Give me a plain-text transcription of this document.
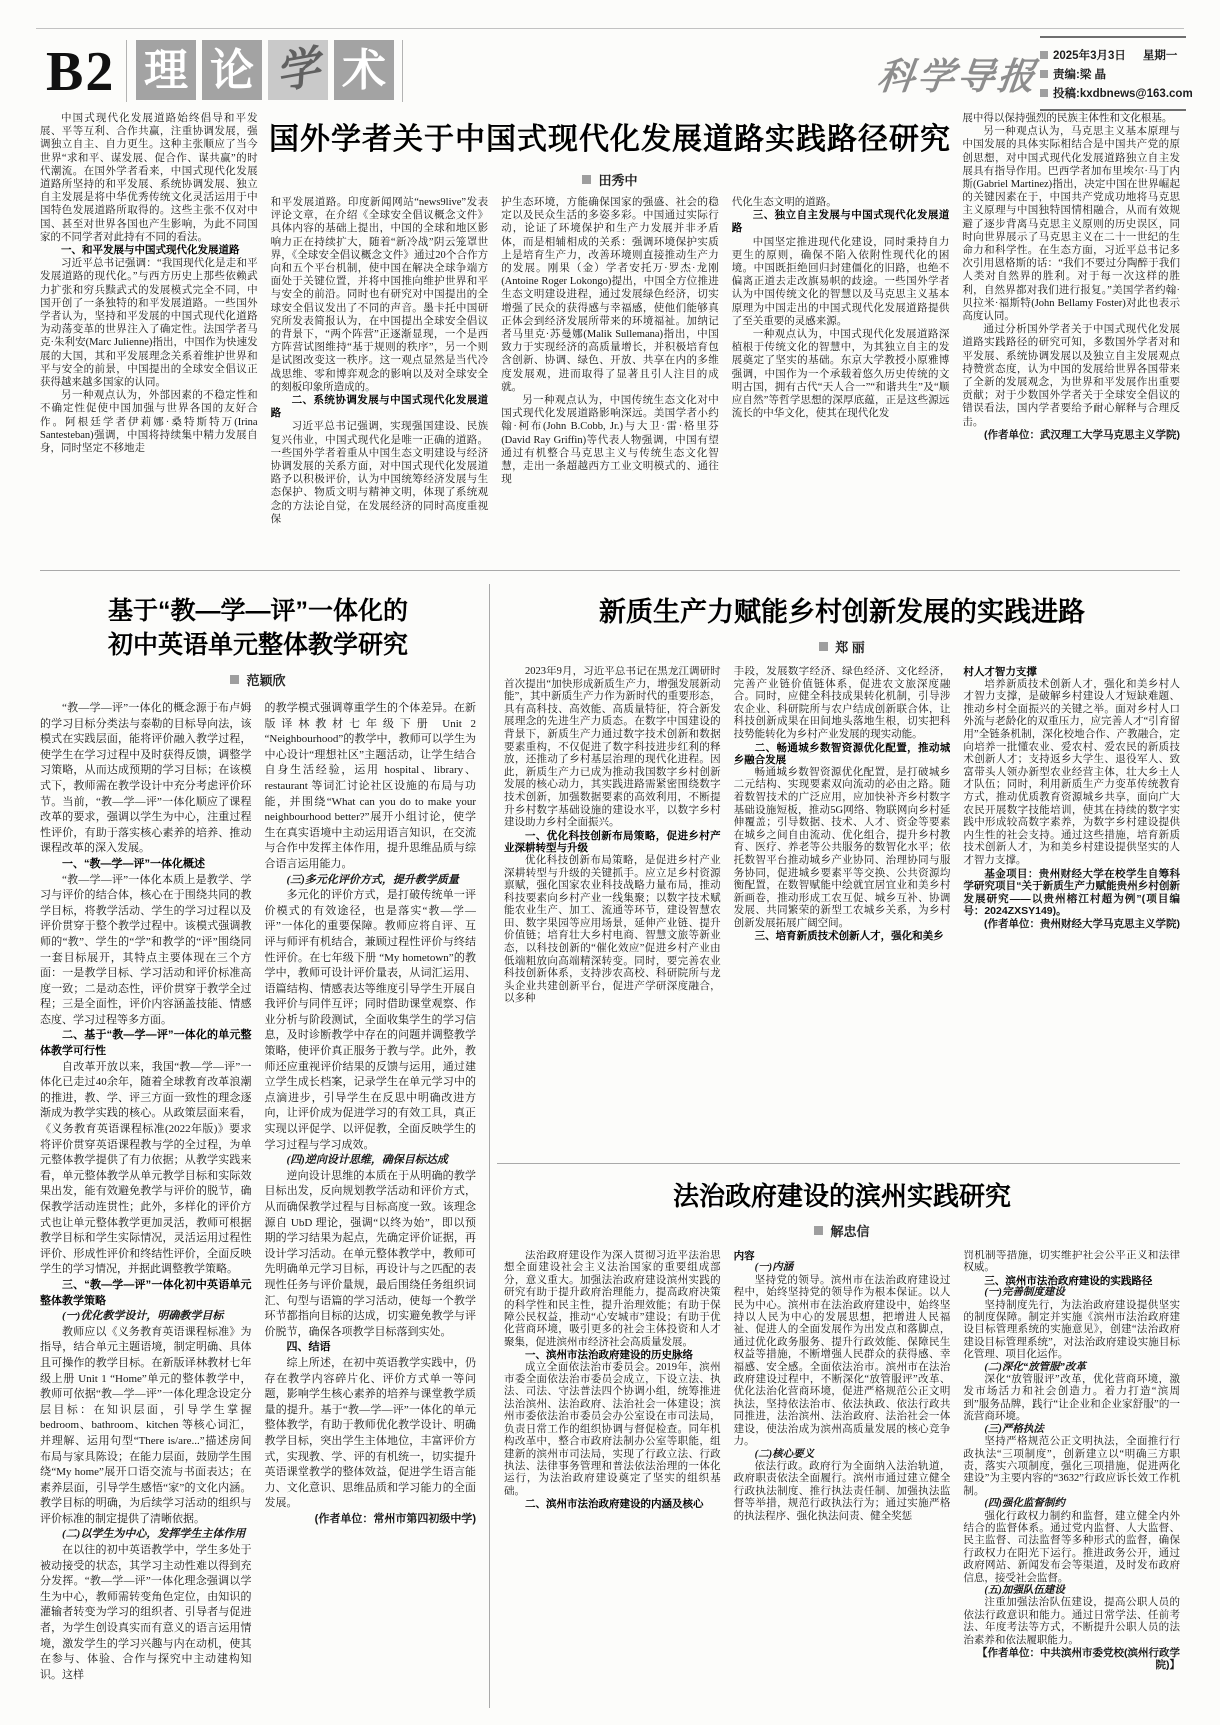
B2 理 论 学 术	科学导报	2025年3月3日 星期一
责编:梁 晶
投稿:kxdbnews@163.com
国外学者关于中国式现代化发展道路实践路径研究
田秀中

中国式现代化发展道路始终倡导和平发展、平等互利、合作共赢，注重协调发展，强调独立自主、自力更生。这种主张顺应了当今世界“求和平、谋发展、促合作、谋共赢”的时代潮流。在国外学者看来，中国式现代化发展道路所坚持的和平发展、系统协调发展、独立自主发展是将中华优秀传统文化灵活运用于中国特色发展道路所取得的。这些主张不仅对中国、甚至对世界各国也产生影响，为此不同国家的不同学者对此持有不同的看法。

一、和平发展与中国式现代化发展道路

习近平总书记强调：“我国现代化是走和平发展道路的现代化。”与西方历史上那些依赖武力扩张和穷兵黩武式的发展模式完全不同，中国开创了一条独特的和平发展道路。一些国外学者认为，坚持和平发展的中国式现代化道路为动荡变革的世界注入了确定性。法国学者马克·朱利安(Marc Julienne)指出，中国作为快速发展的大国，其和平发展理念关系着维护世界和平与安全的前景，中国提出的全球安全倡议正获得越来越多国家的认同。

另一种观点认为，外部因素的不稳定性和不确定性促使中国加强与世界各国的友好合作。阿根廷学者伊莉娜·桑特斯特万(Irina Santesteban)强调，中国将持续集中精力发展自身，同时坚定不移地走

和平发展道路。印度新闻网站“news9live”发表评论文章，在介绍《全球安全倡议概念文件》具体内容的基础上提出，中国的全球和地区影响力正在持续扩大，随着“新冷战”阴云笼罩世界，《全球安全倡议概念文件》通过20个合作方向和五个平台机制，使中国在解决全球争端方面处于关键位置，并将中国推向维护世界和平与安全的前沿。同时也有研究对中国提出的全球安全倡议发出了不同的声音。墨卡托中国研究所发表简报认为，在中国提出全球安全倡议的背景下，“两个阵营”正逐渐显现，一个是西方阵营试图维持“基于规则的秩序”，另一个则是试图改变这一秩序。这一观点显然是当代冷战思维、零和博弈观念的影响以及对全球安全的刻板印象所造成的。

二、系统协调发展与中国式现代化发展道路

习近平总书记强调，实现强国建设、民族复兴伟业，中国式现代化是唯一正确的道路。一些国外学者着重从中国生态文明建设与经济协调发展的关系方面，对中国式现代化发展道路予以积极评价，认为中国统筹经济发展与生态保护、物质文明与精神文明，体现了系统观念的方法论自觉，在发展经济的同时高度重视保

护生态环境，方能确保国家的强盛、社会的稳定以及民众生活的多姿多彩。中国通过实际行动，论证了环境保护和生产力发展并非矛盾体，而是相辅相成的关系：强调环境保护实质上是培育生产力，改善环境则直接推动生产力的发展。刚果（金）学者安托万·罗杰·龙刚(Antoine Roger Lokongo)提出，中国全方位推进生态文明建设进程，通过发展绿色经济，切实增强了民众的获得感与幸福感，使他们能够真正体会到经济发展所带来的环境福祉。加纳记者马里克·苏曼娜(Malik Sullemana)指出，中国致力于实现经济的高质量增长，并积极培育包含创新、协调、绿色、开放、共享在内的多维度发展观，进而取得了显著且引人注目的成就。

另一种观点认为，中国传统生态文化对中国式现代化发展道路影响深远。美国学者小约翰·柯布(John B.Cobb, Jr.)与大卫·雷·格里芬(David Ray Griffin)等代表人物强调，中国有望通过有机整合马克思主义与传统生态文化智慧，走出一条超越西方工业文明模式的、通往现

代化生态文明的道路。

三、独立自主发展与中国式现代化发展道路

中国坚定推进现代化建设，同时秉持自力更生的原则，确保不陷入依附性现代化的困境。中国既拒绝回归封建僵化的旧路，也绝不偏离正道去走改旗易帜的歧途。一些国外学者认为中国传统文化的智慧以及马克思主义基本原理为中国走出的中国式现代化发展道路提供了至关重要的灵感来源。

一种观点认为，中国式现代化发展道路深植根于传统文化的智慧中，为其独立自主的发展奠定了坚实的基础。东京大学教授小原雅博强调，中国作为一个承载着悠久历史传统的文明古国，拥有古代“天人合一”“和谐共生”及“顺应自然”等哲学思想的深厚底蕴，正是这些源远流长的中华文化，使其在现代化发

展中得以保持强烈的民族主体性和文化根基。

另一种观点认为，马克思主义基本原理与中国发展的具体实际相结合是中国共产党的原创思想，对中国式现代化发展道路独立自主发展具有指导作用。巴西学者加布里埃尔·马丁内斯(Gabriel Martinez)指出，决定中国在世界崛起的关键因素在于，中国共产党成功地将马克思主义原理与中国独特国情相融合，从而有效规避了逐步背离马克思主义原则的历史误区，同时向世界展示了马克思主义在二十一世纪的生命力和科学性。在生态方面，习近平总书记多次引用恩格斯的话：“我们不要过分陶醉于我们人类对自然界的胜利。对于每一次这样的胜利，自然界都对我们进行报复。”美国学者约翰·贝拉米·福斯特(John Bellamy Foster)对此也表示高度认同。

通过分析国外学者关于中国式现代化发展道路实践路径的研究可知，多数国外学者对和平发展、系统协调发展以及独立自主发展观点持赞赏态度，认为中国的发展给世界各国带来了全新的发展观念，为世界和平发展作出重要贡献；对于少数国外学者关于全球安全倡议的错误看法，国内学者要给予耐心解释与合理反击。

(作者单位：武汉理工大学马克思主义学院)

基于“教—学—评”一体化的
初中英语单元整体教学研究
范颖欣

“教—学—评”一体化的概念源于布卢姆的学习目标分类法与泰勒的目标导向法，该模式在实践层面，能将评价融入教学过程，使学生在学习过程中及时获得反馈，调整学习策略，从而达成预期的学习目标；在该模式下，教师需在教学设计中充分考虑评价环节。当前，“教—学—评”一体化顺应了课程改革的要求，强调以学生为中心，注重过程性评价，有助于落实核心素养的培养、推动课程改革的深入发展。

一、“教—学—评”一体化概述

“教—学—评”一体化本质上是教学、学习与评价的结合体，核心在于围绕共同的教学目标，将教学活动、学生的学习过程以及评价贯穿于整个教学过程中。该模式强调教师的“教”、学生的“学”和教学的“评”围绕同一套目标展开，其特点主要体现在三个方面：一是教学目标、学习活动和评价标准高度一致；二是动态性，评价贯穿于教学全过程；三是全面性，评价内容涵盖技能、情感态度、学习过程等多方面。

二、基于“教—学—评”一体化的单元整体教学可行性

自改革开放以来，我国“教—学—评”一体化已走过40余年，随着全球教育改革浪潮的推进，教、学、评三方面一致性的理念逐渐成为教学实践的核心。从政策层面来看，《义务教育英语课程标准(2022年版)》要求将评价贯穿英语课程教与学的全过程，为单元整体教学提供了有力依据；从教学实践来看，单元整体教学从单元教学目标和实际效果出发，能有效避免教学与评价的脱节，确保教学活动连贯性；此外，多样化的评价方式也让单元整体教学更加灵活，教师可根据教学目标和学生实际情况，灵活运用过程性评价、形成性评价和终结性评价，全面反映学生的学习情况，并据此调整教学策略。

三、“教—学—评”一体化初中英语单元整体教学策略

(一)优化教学设计，明确教学目标

教师应以《义务教育英语课程标准》为指导，结合单元主题语境，制定明确、具体且可操作的教学目标。在新版译林教材七年级上册 Unit 1 “Home”单元的整体教学中，教师可依据“教—学—评”一体化理念设定分层目标：在知识层面，引导学生掌握 bedroom、bathroom、kitchen 等核心词汇，并理解、运用句型“There is/are...”描述房间布局与家具陈设；在能力层面，鼓励学生围绕“My home”展开口语交流与书面表达；在素养层面，引导学生感悟“家”的文化内涵。教学目标的明确，为后续学习活动的组织与评价标准的制定提供了清晰依据。

(二)以学生为中心，发挥学生主体作用

在以往的初中英语教学中，学生多处于被动接受的状态，其学习主动性难以得到充分发挥。“教—学—评”一体化理念强调以学生为中心，教师需转变角色定位，由知识的灌输者转变为学习的组织者、引导者与促进者，为学生创设真实而有意义的语言运用情境，激发学生的学习兴趣与内在动机，使其在参与、体验、合作与探究中主动建构知识。这样

的教学模式强调尊重学生的个体差异。在新版译林教材七年级下册 Unit 2 “Neighbourhood”的教学中，教师可以学生为中心设计“理想社区”主题活动，让学生结合自身生活经验，运用 hospital、library、restaurant 等词汇讨论社区设施的布局与功能，并围绕“What can you do to make your neighbourhood better?”展开小组讨论，使学生在真实语境中主动运用语言知识，在交流与合作中发挥主体作用，提升思维品质与综合语言运用能力。

(三)多元化评价方式，提升教学质量

多元化的评价方式，是打破传统单一评价模式的有效途径，也是落实“教—学—评”一体化的重要保障。教师应将自评、互评与师评有机结合，兼顾过程性评价与终结性评价。在七年级下册 “My hometown”的教学中，教师可设计评价量表，从词汇运用、语篇结构、情感表达等维度引导学生开展自我评价与同伴互评；同时借助课堂观察、作业分析与阶段测试，全面收集学生的学习信息，及时诊断教学中存在的问题并调整教学策略，使评价真正服务于教与学。此外，教师还应重视评价结果的反馈与运用，通过建立学生成长档案，记录学生在单元学习中的点滴进步，引导学生在反思中明确改进方向，让评价成为促进学习的有效工具，真正实现以评促学、以评促教，全面反映学生的学习过程与学习成效。

(四)逆向设计思维，确保目标达成

逆向设计思维的本质在于从明确的教学目标出发，反向规划教学活动和评价方式，从而确保教学过程与目标高度一致。该理念源自 UbD 理论，强调“以终为始”，即以预期的学习结果为起点，先确定评价证据，再设计学习活动。在单元整体教学中，教师可先明确单元学习目标，再设计与之匹配的表现性任务与评价量规，最后围绕任务组织词汇、句型与语篇的学习活动，使每一个教学环节都指向目标的达成，切实避免教学与评价脱节，确保各项教学目标落到实处。

四、结语

综上所述，在初中英语教学实践中，仍存在教学内容碎片化、评价方式单一等问题，影响学生核心素养的培养与课堂教学质量的提升。基于“教—学—评”一体化的单元整体教学，有助于教师优化教学设计、明确教学目标，突出学生主体地位，丰富评价方式，实现教、学、评的有机统一，切实提升英语课堂教学的整体效益，促进学生语言能力、文化意识、思维品质和学习能力的全面发展。

(作者单位：常州市第四初级中学)

新质生产力赋能乡村创新发展的实践进路
郑 丽

2023年9月，习近平总书记在黑龙江调研时首次提出“加快形成新质生产力，增强发展新动能”，其中新质生产力作为新时代的重要形态，具有高科技、高效能、高质量特征，符合新发展理念的先进生产力质态。在数字中国建设的背景下，新质生产力通过数字技术创新和数据要素重构，不仅促进了数字科技进步红利的释放，还推动了乡村基层治理的现代化进程。因此，新质生产力已成为推动我国数字乡村创新发展的核心动力，其实践进路需紧密围绕数字技术创新，加强数据要素的高效利用，不断提升乡村数字基础设施的建设水平，以数字乡村建设助力乡村全面振兴。

一、优化科技创新布局策略，促进乡村产业深耕转型与升级

优化科技创新布局策略，是促进乡村产业深耕转型与升级的关键抓手。应立足乡村资源禀赋，强化国家农业科技战略力量布局，推动科技要素向乡村产业一线集聚；以数字技术赋能农业生产、加工、流通等环节，建设智慧农田、数字果园等应用场景，延伸产业链、提升价值链；培育壮大乡村电商、智慧文旅等新业态，以科技创新的“催化效应”促进乡村产业由低端粗放向高端精深转变。同时，要完善农业科技创新体系，支持涉农高校、科研院所与龙头企业共建创新平台，促进产学研深度融合，以多种

手段，发展数字经济、绿色经济、文化经济，完善产业链价值链体系，促进农文旅深度融合。同时，应健全科技成果转化机制，引导涉农企业、科研院所与农户结成创新联合体，让科技创新成果在田间地头落地生根，切实把科技势能转化为乡村产业发展的现实动能。

二、畅通城乡数智资源优化配置，推动城乡融合发展

畅通城乡数智资源优化配置，是打破城乡二元结构、实现要素双向流动的必由之路。随着数智技术的广泛应用，应加快补齐乡村数字基础设施短板，推动5G网络、物联网向乡村延伸覆盖；引导数据、技术、人才、资金等要素在城乡之间自由流动、优化组合，提升乡村教育、医疗、养老等公共服务的数智化水平；依托数智平台推动城乡产业协同、治理协同与服务协同，促进城乡要素平等交换、公共资源均衡配置，在数智赋能中绘就宜居宜业和美乡村新画卷，推动形成工农互促、城乡互补、协调发展、共同繁荣的新型工农城乡关系，为乡村创新发展拓展广阔空间。

三、培育新质技术创新人才，强化和美乡

村人才智力支撑

培养新质技术创新人才，强化和美乡村人才智力支撑，是破解乡村建设人才短缺难题、推动乡村全面振兴的关键之举。面对乡村人口外流与老龄化的双重压力，应完善人才“引育留用”全链条机制，深化校地合作、产教融合，定向培养一批懂农业、爱农村、爱农民的新质技术创新人才；支持返乡大学生、退役军人、致富带头人领办新型农业经营主体，壮大乡土人才队伍；同时，利用新质生产力变革传统教育方式，推动优质教育资源城乡共享，面向广大农民开展数字技能培训，使其在持续的数字实践中形成较高数字素养，为数字乡村建设提供内生性的社会支持。通过这些措施，培育新质技术创新人才，为和美乡村建设提供坚实的人才智力支撑。

基金项目：贵州财经大学在校学生自筹科学研究项目“关于新质生产力赋能贵州乡村创新发展研究——以贵州榕江村超为例”(项目编号：2024ZXSY149)。

(作者单位：贵州财经大学马克思主义学院)

法治政府建设的滨州实践研究
解忠信

法治政府建设作为深入贯彻习近平法治思想全面建设社会主义法治国家的重要组成部分，意义重大。加强法治政府建设滨州实践的研究有助于提升政府治理能力，提高政府决策的科学性和民主性，提升治理效能；有助于保障公民权益，推动“心安城市”建设；有助于优化营商环境，吸引更多的社会主体投资和人才聚集，促进滨州市经济社会高质量发展。

一、滨州市法治政府建设的历史脉络

成立全面依法治市委员会。2019年，滨州市委全面依法治市委员会成立，下设立法、执法、司法、守法普法四个协调小组，统筹推进法治滨州、法治政府、法治社会一体建设；滨州市委依法治市委员会办公室设在市司法局，负责日常工作的组织协调与督促检查。同年机构改革中，整合市政府法制办公室等职能，组建新的滨州市司法局，实现了行政立法、行政执法、法律事务管理和普法依法治理的一体化运行，为法治政府建设奠定了坚实的组织基础。

二、滨州市法治政府建设的内涵及核心

内容

(一)内涵

坚持党的领导。滨州市在法治政府建设过程中，始终坚持党的领导作为根本保证。以人民为中心。滨州市在法治政府建设中，始终坚持以人民为中心的发展思想，把增进人民福祉、促进人的全面发展作为出发点和落脚点，通过优化政务服务、提升行政效能、保障民生权益等措施，不断增强人民群众的获得感、幸福感、安全感。全面依法治市。滨州市在法治政府建设过程中，不断深化“放管服评”改革、优化法治化营商环境，促进严格规范公正文明执法，坚持依法治市、依法执政、依法行政共同推进，法治滨州、法治政府、法治社会一体建设，使法治成为滨州高质量发展的核心竞争力。

(二)核心要义

依法行政。政府行为全面纳入法治轨道，政府职责依法全面履行。滨州市通过建立健全行政执法制度、推行执法责任制、加强执法监督等举措，规范行政执法行为；通过实施严格的执法程序、强化执法问责、健全奖惩

罚机制等措施，切实维护社会公平正义和法律权威。

三、滨州市法治政府建设的实践路径

(一)完善制度建设

坚持制度先行，为法治政府建设提供坚实的制度保障。制定并实施《滨州市法治政府建设目标管理系统的实施意见》，创建“法治政府建设目标管理系统”，对法治政府建设实施目标化管理、项目化运作。

(二)深化“放管服”改革

深化“放管服评”改革，优化营商环境，激发市场活力和社会创造力。着力打造“滨周到”服务品牌，践行“让企业和企业家舒服”的一流营商环境。

(三)严格执法

坚持严格规范公正文明执法，全面推行行政执法“三项制度”，创新建立以“明确三方职责，落实六项制度，强化三项措施，促进两化建设”为主要内容的“3632”行政应诉长效工作机制。

(四)强化监督制约

强化行政权力制约和监督，建立健全内外结合的监督体系。通过党内监督、人大监督、民主监督、司法监督等多种形式的监督，确保行政权力在阳光下运行。推进政务公开，通过政府网站、新闻发布会等渠道，及时发布政府信息，接受社会监督。

(五)加强队伍建设

注重加强法治队伍建设，提高公职人员的依法行政意识和能力。通过日常学法、任前考法、年度考法等方式，不断提升公职人员的法治素养和依法履职能力。

【作者单位：中共滨州市委党校(滨州行政学院)】
